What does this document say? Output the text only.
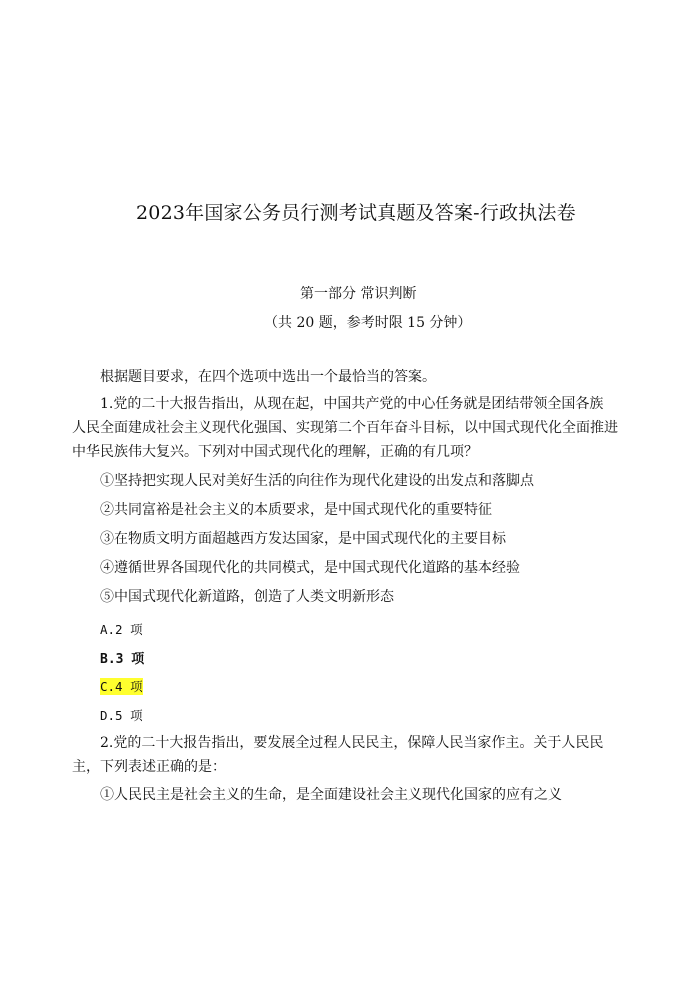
2023年国家公务员行测考试真题及答案-行政执法卷
第一部分 常识判断
（共 20 题，参考时限 15 分钟）
根据题目要求，在四个选项中选出一个最恰当的答案。
1.党的二十大报告指出，从现在起，中国共产党的中心任务就是团结带领全国各族
人民全面建成社会主义现代化强国、实现第二个百年奋斗目标，以中国式现代化全面推进
中华民族伟大复兴。下列对中国式现代化的理解，正确的有几项？
①坚持把实现人民对美好生活的向往作为现代化建设的出发点和落脚点
②共同富裕是社会主义的本质要求，是中国式现代化的重要特征
③在物质文明方面超越西方发达国家，是中国式现代化的主要目标
④遵循世界各国现代化的共同模式，是中国式现代化道路的基本经验
⑤中国式现代化新道路，创造了人类文明新形态
A.2 项
B.3 项
C.4 项
D.5 项
2.党的二十大报告指出，要发展全过程人民民主，保障人民当家作主。关于人民民
主，下列表述正确的是：
①人民民主是社会主义的生命，是全面建设社会主义现代化国家的应有之义
